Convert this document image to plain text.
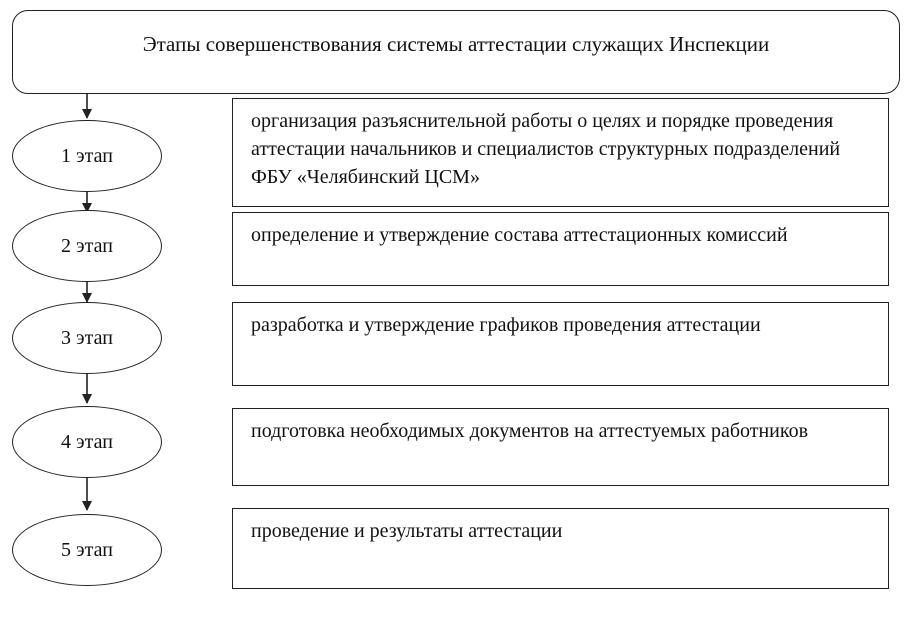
Этапы совершенствования системы аттестации служащих Инспекции
1 этап
организация разъяснительной работы о целях и порядке проведения аттестации начальников и специалистов структурных подразделений ФБУ «Челябинский ЦСМ»
2 этап	определение и утверждение состава аттестационных комиссий
3 этап
разработка и утверждение графиков проведения аттестации
4 этап	подготовка необходимых документов на аттестуемых работников
5 этап
проведение и результаты аттестации
